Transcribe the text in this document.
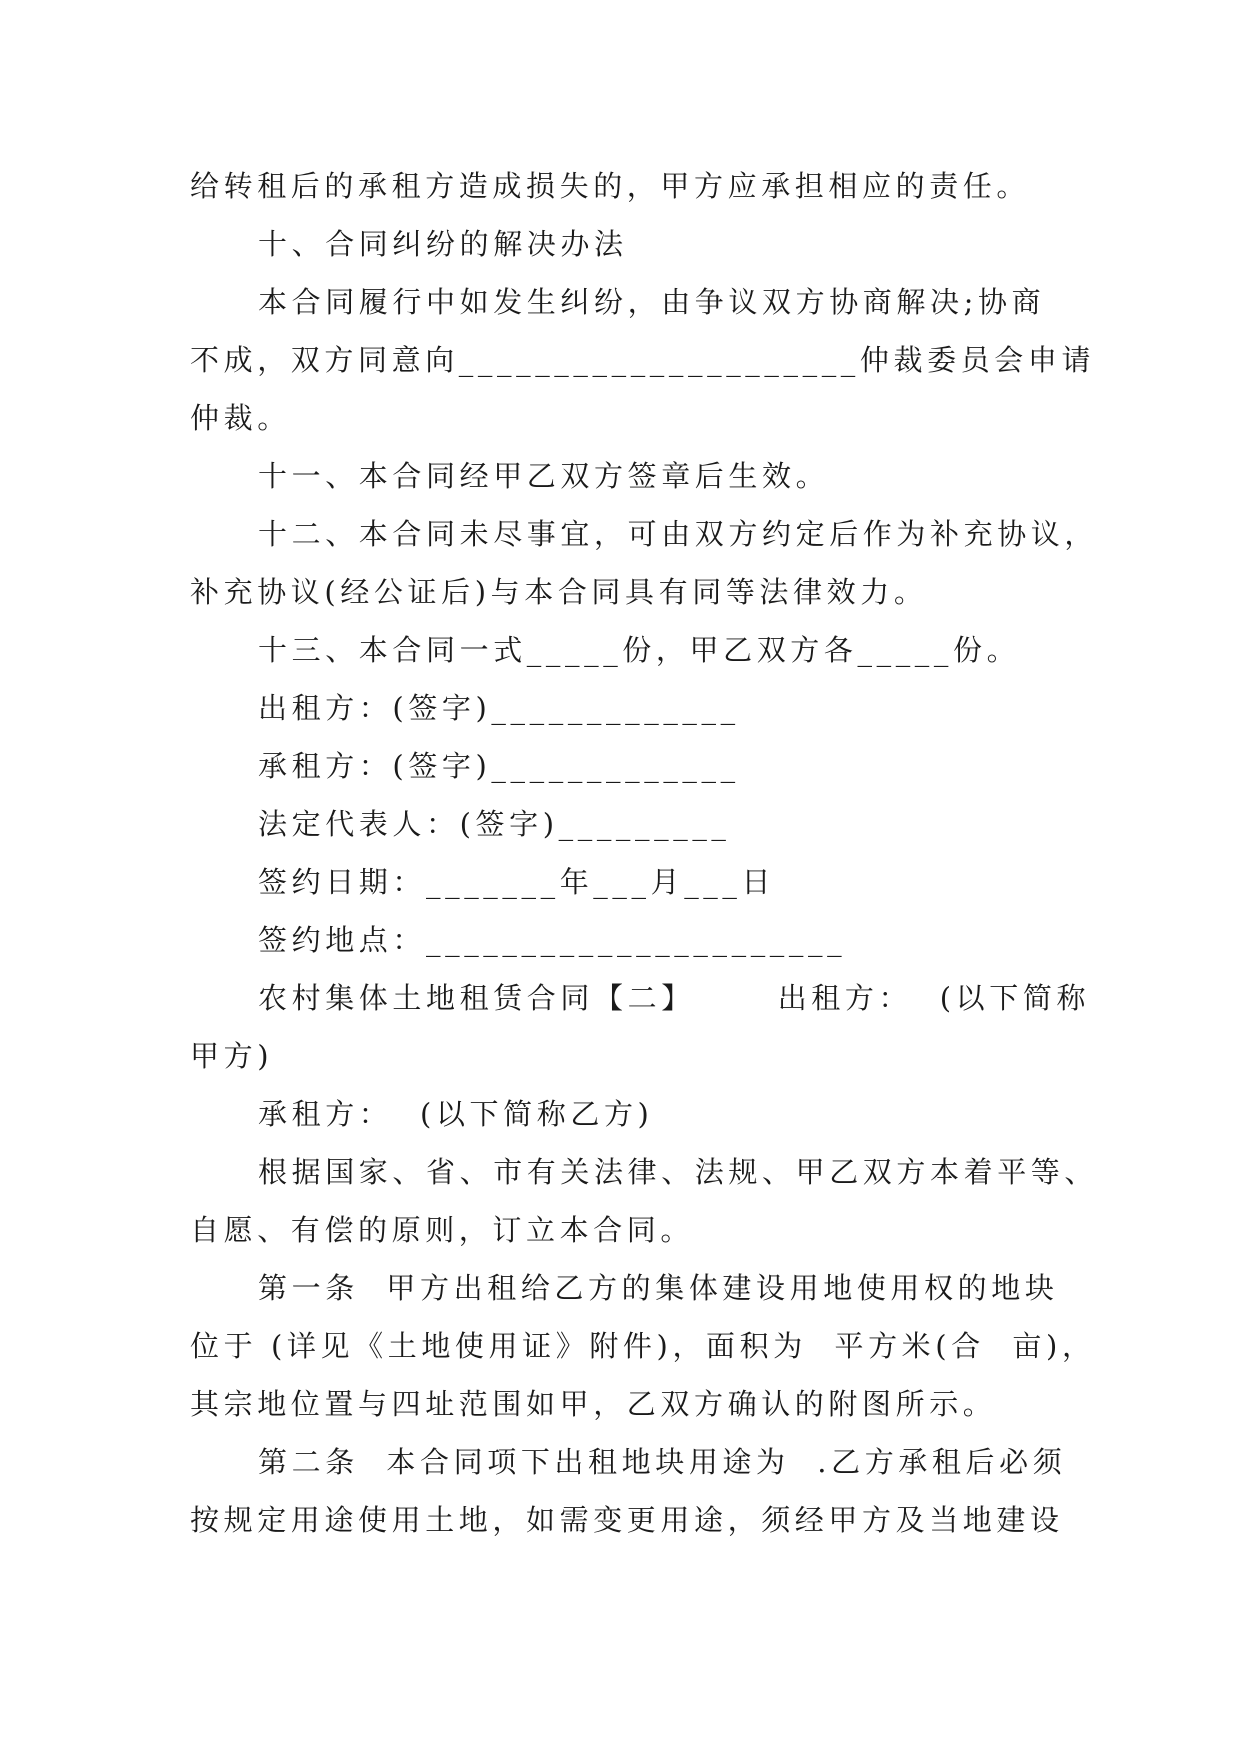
给转租后的承租方造成损失的，甲方应承担相应的责任。
十、合同纠纷的解决办法
本合同履行中如发生纠纷，由争议双方协商解决;协商
不成，双方同意向_____________________仲裁委员会申请
仲裁。
十一、本合同经甲乙双方签章后生效。
十二、本合同未尽事宜，可由双方约定后作为补充协议，
补充协议(经公证后)与本合同具有同等法律效力。
十三、本合同一式_____份，甲乙双方各_____份。
出租方：(签字)_____________
承租方：(签字)_____________
法定代表人：(签字)_________
签约日期：_______年___月___日
签约地点：______________________
农村集体土地租赁合同【二】      出租方：  (以下简称
甲方)
承租方：  (以下简称乙方)
根据国家、省、市有关法律、法规、甲乙双方本着平等、
自愿、有偿的原则，订立本合同。
第一条  甲方出租给乙方的集体建设用地使用权的地块
位于 (详见《土地使用证》附件)，面积为  平方米(合  亩)，
其宗地位置与四址范围如甲，乙双方确认的附图所示。
第二条  本合同项下出租地块用途为  .乙方承租后必须
按规定用途使用土地，如需变更用途，须经甲方及当地建设
